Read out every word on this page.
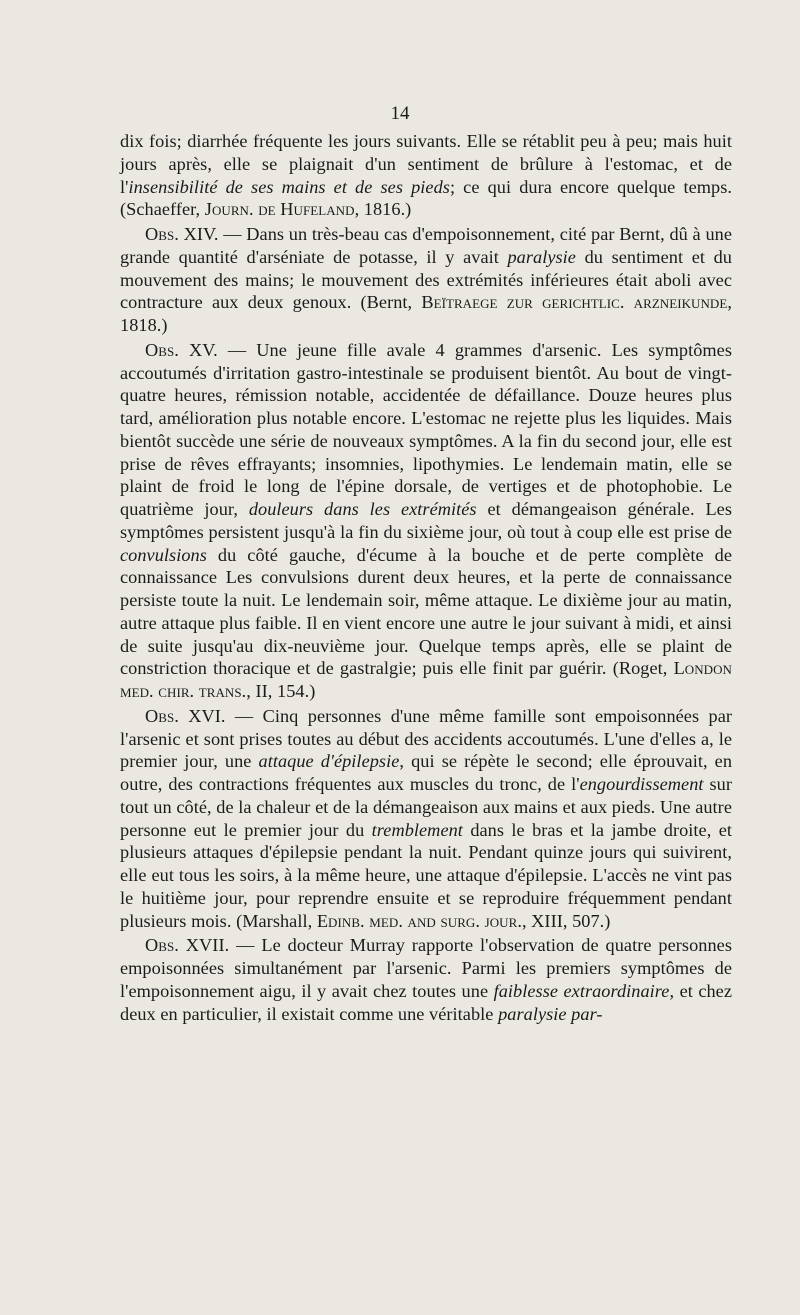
14

dix fois; diarrhée fréquente les jours suivants. Elle se rétablit peu à peu; mais huit jours après, elle se plaignait d'un sentiment de brûlure à l'estomac, et de l'insensibilité de ses mains et de ses pieds; ce qui dura encore quelque temps. (Schaeffer, Journ. de Hufeland, 1816.)

Obs. XIV. — Dans un très-beau cas d'empoisonnement, cité par Bernt, dû à une grande quantité d'arséniate de potasse, il y avait paralysie du sentiment et du mouvement des mains; le mouvement des extrémités inférieures était aboli avec contracture aux deux genoux. (Bernt, Beïtraege zur gerichtlic. arzneikunde, 1818.)

Obs. XV. — Une jeune fille avale 4 grammes d'arsenic. Les symptômes accoutumés d'irritation gastro-intestinale se produisent bientôt. Au bout de vingt-quatre heures, rémission notable, accidentée de défaillance. Douze heures plus tard, amélioration plus notable encore. L'estomac ne rejette plus les liquides. Mais bientôt succède une série de nouveaux symptômes. A la fin du second jour, elle est prise de rêves effrayants; insomnies, lipothymies. Le lendemain matin, elle se plaint de froid le long de l'épine dorsale, de vertiges et de photophobie. Le quatrième jour, douleurs dans les extrémités et démangeaison générale. Les symptômes persistent jusqu'à la fin du sixième jour, où tout à coup elle est prise de convulsions du côté gauche, d'écume à la bouche et de perte complète de connaissance Les convulsions durent deux heures, et la perte de connaissance persiste toute la nuit. Le lendemain soir, même attaque. Le dixième jour au matin, autre attaque plus faible. Il en vient encore une autre le jour suivant à midi, et ainsi de suite jusqu'au dix-neuvième jour. Quelque temps après, elle se plaint de constriction thoracique et de gastralgie; puis elle finit par guérir. (Roget, London med. chir. trans., II, 154.)

Obs. XVI. — Cinq personnes d'une même famille sont empoisonnées par l'arsenic et sont prises toutes au début des accidents accoutumés. L'une d'elles a, le premier jour, une attaque d'épilepsie, qui se répète le second; elle éprouvait, en outre, des contractions fréquentes aux muscles du tronc, de l'engourdissement sur tout un côté, de la chaleur et de la démangeaison aux mains et aux pieds. Une autre personne eut le premier jour du tremblement dans le bras et la jambe droite, et plusieurs attaques d'épilepsie pendant la nuit. Pendant quinze jours qui suivirent, elle eut tous les soirs, à la même heure, une attaque d'épilepsie. L'accès ne vint pas le huitième jour, pour reprendre ensuite et se reproduire fréquemment pendant plusieurs mois. (Marshall, Edinb. med. and surg. jour., XIII, 507.)

Obs. XVII. — Le docteur Murray rapporte l'observation de quatre personnes empoisonnées simultanément par l'arsenic. Parmi les premiers symptômes de l'empoisonnement aigu, il y avait chez toutes une faiblesse extraordinaire, et chez deux en particulier, il existait comme une véritable paralysie par-
